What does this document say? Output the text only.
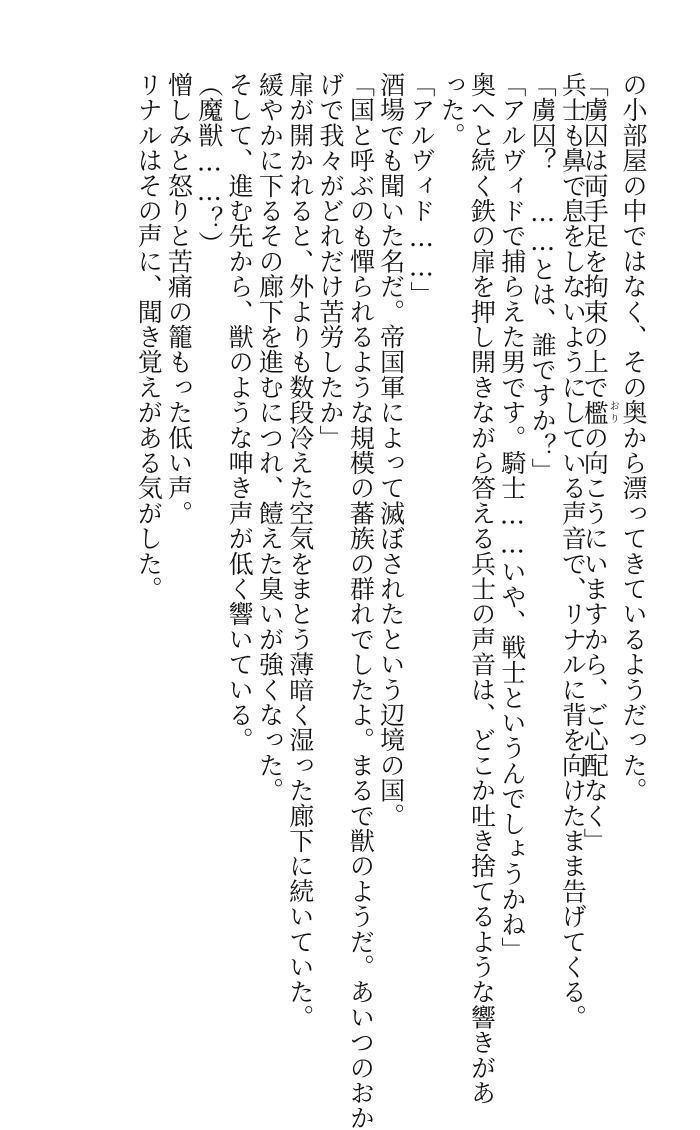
の小部屋の中ではなく、その奥から漂ってきているようだった。
「虜囚は両手足を拘束の上で檻おりの向こうにいますから、ご心配なく」
兵士も鼻で息をしないようにしている声音で、リナルに背を向けたまま告げてくる。
「虜囚？　……とは、誰ですか？」
「アルヴィドで捕らえた男です。騎士……いや、戦士というんでしょうかね」
奥へと続く鉄の扉を押し開きながら答える兵士の声音は、どこか吐き捨てるような響きがあ
った。
「アルヴィド……」
酒場でも聞いた名だ。帝国軍によって滅ぼされたという辺境の国。
「国と呼ぶのも憚られるような規模の蕃族の群れでしたよ。まるで獣のようだ。あいつのおか
げで我々がどれだけ苦労したか」
扉が開かれると、外よりも数段冷えた空気をまとう薄暗く湿った廊下に続いていた。
緩やかに下るその廊下を進むにつれ、饐えた臭いが強くなった。
そして、進む先から、獣のような呻き声が低く響いている。
（魔獣……？）
憎しみと怒りと苦痛の籠もった低い声。
リナルはその声に、聞き覚えがある気がした。
